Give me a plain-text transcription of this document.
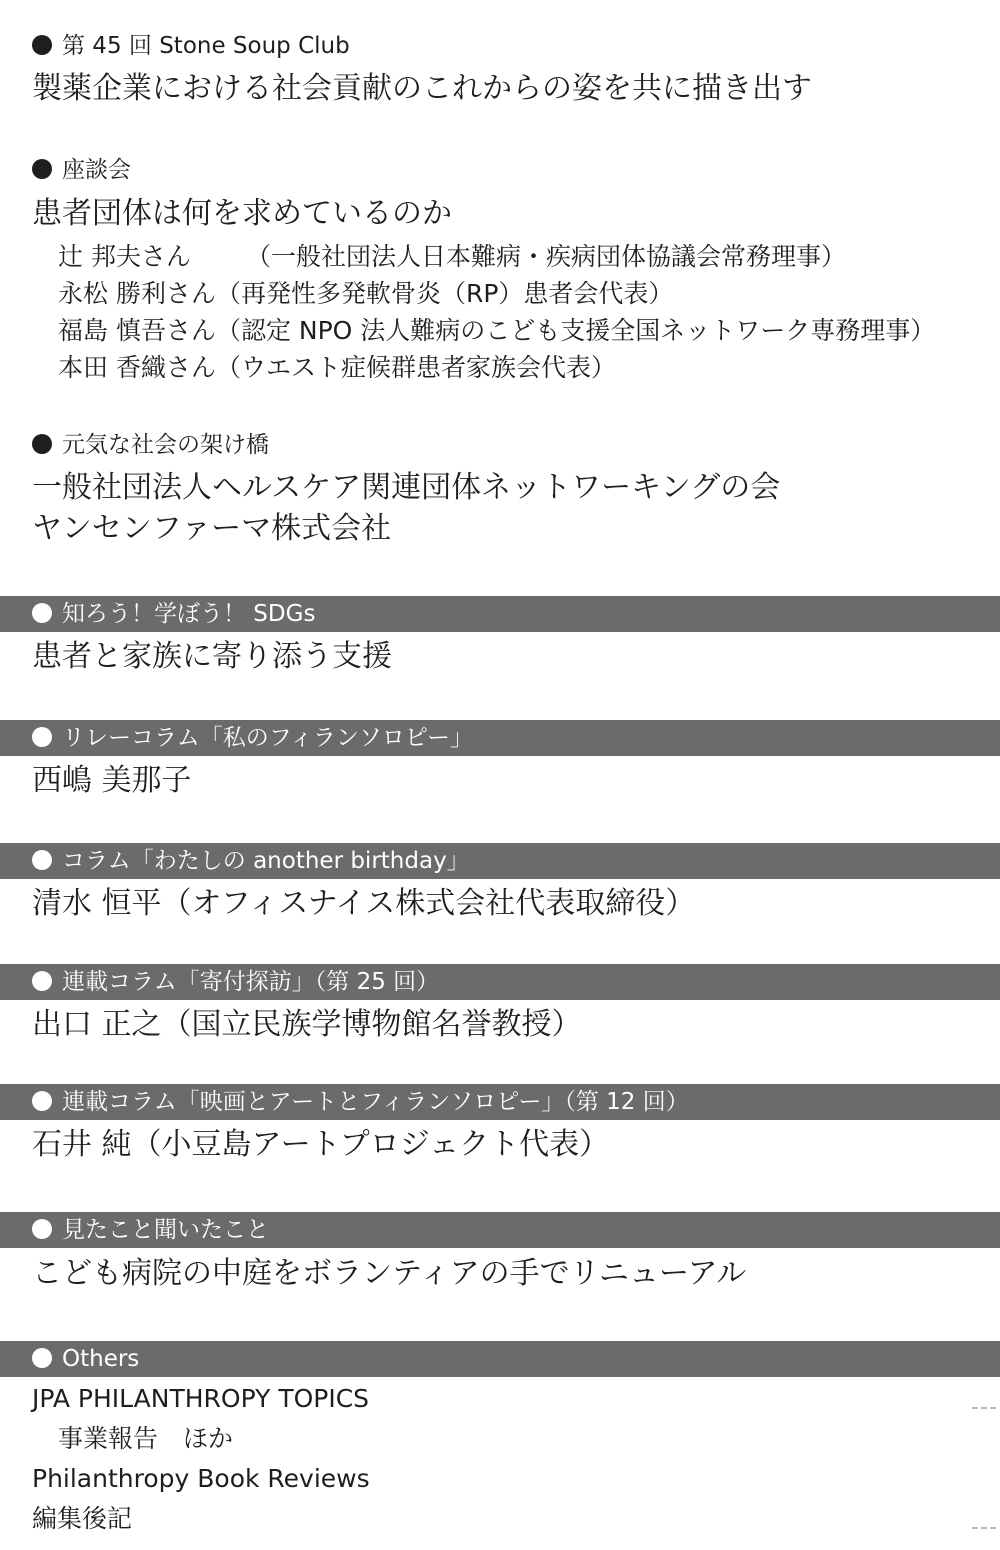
第 45 回 Stone Soup Club
製薬企業における社会貢献のこれからの姿を共に描き出す
座談会
患者団体は何を求めているのか
辻 邦夫さん （一般社団法人日本難病・疾病団体協議会常務理事）
永松 勝利さん（再発性多発軟骨炎（RP）患者会代表）
福島 慎吾さん（認定 NPO 法人難病のこども支援全国ネットワーク専務理事）
本田 香織さん（ウエスト症候群患者家族会代表）
元気な社会の架け橋
一般社団法人ヘルスケア関連団体ネットワーキングの会
ヤンセンファーマ株式会社
知ろう！学ぼう！ SDGs
患者と家族に寄り添う支援
リレーコラム「私のフィランソロピー」
西嶋 美那子
コラム「わたしの another birthday」
清水 恒平（オフィスナイス株式会社代表取締役）
連載コラム「寄付探訪」（第 25 回）
出口 正之（国立民族学博物館名誉教授）
連載コラム「映画とアートとフィランソロピー」（第 12 回）
石井 純（小豆島アートプロジェクト代表）
見たこと聞いたこと
こども病院の中庭をボランティアの手でリニューアル
Others
JPA PHILANTHROPY TOPICS
事業報告　ほか
Philanthropy Book Reviews
編集後記
